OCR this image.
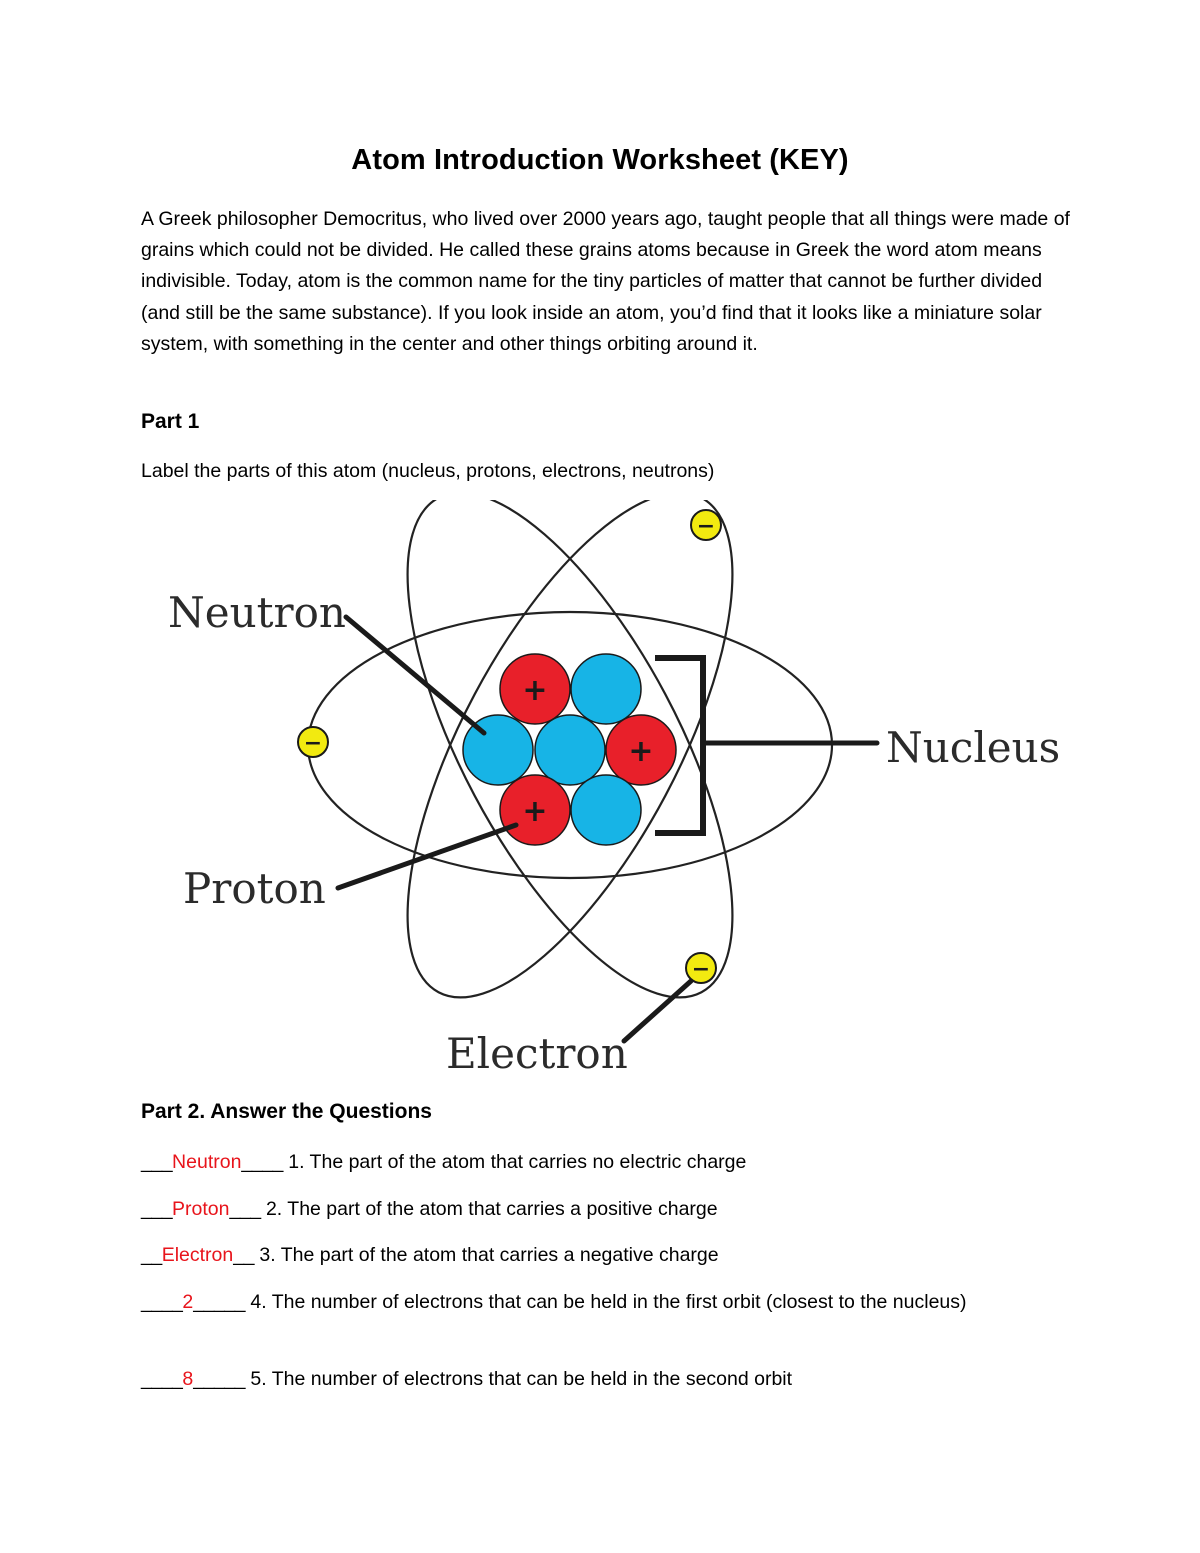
Atom Introduction Worksheet (KEY)

A Greek philosopher Democritus, who lived over 2000 years ago, taught people that all things were made of grains which could not be divided. He called these grains atoms because in Greek the word atom means indivisible. Today, atom is the common name for the tiny particles of matter that cannot be further divided (and still be the same substance). If you look inside an atom, you’d find that it looks like a miniature solar system, with something in the center and other things orbiting around it.

Part 1

Label the parts of this atom (nucleus, protons, electrons, neutrons)

+
+
+
−
−
−
Neutron
Nucleus
Proton
Electron

Part 2. Answer the Questions

___Neutron____ 1. The part of the atom that carries no electric charge

___Proton___ 2. The part of the atom that carries a positive charge

__Electron__ 3. The part of the atom that carries a negative charge

____2_____ 4. The number of electrons that can be held in the first orbit (closest to the nucleus)

____8_____ 5. The number of electrons that can be held in the second orbit
